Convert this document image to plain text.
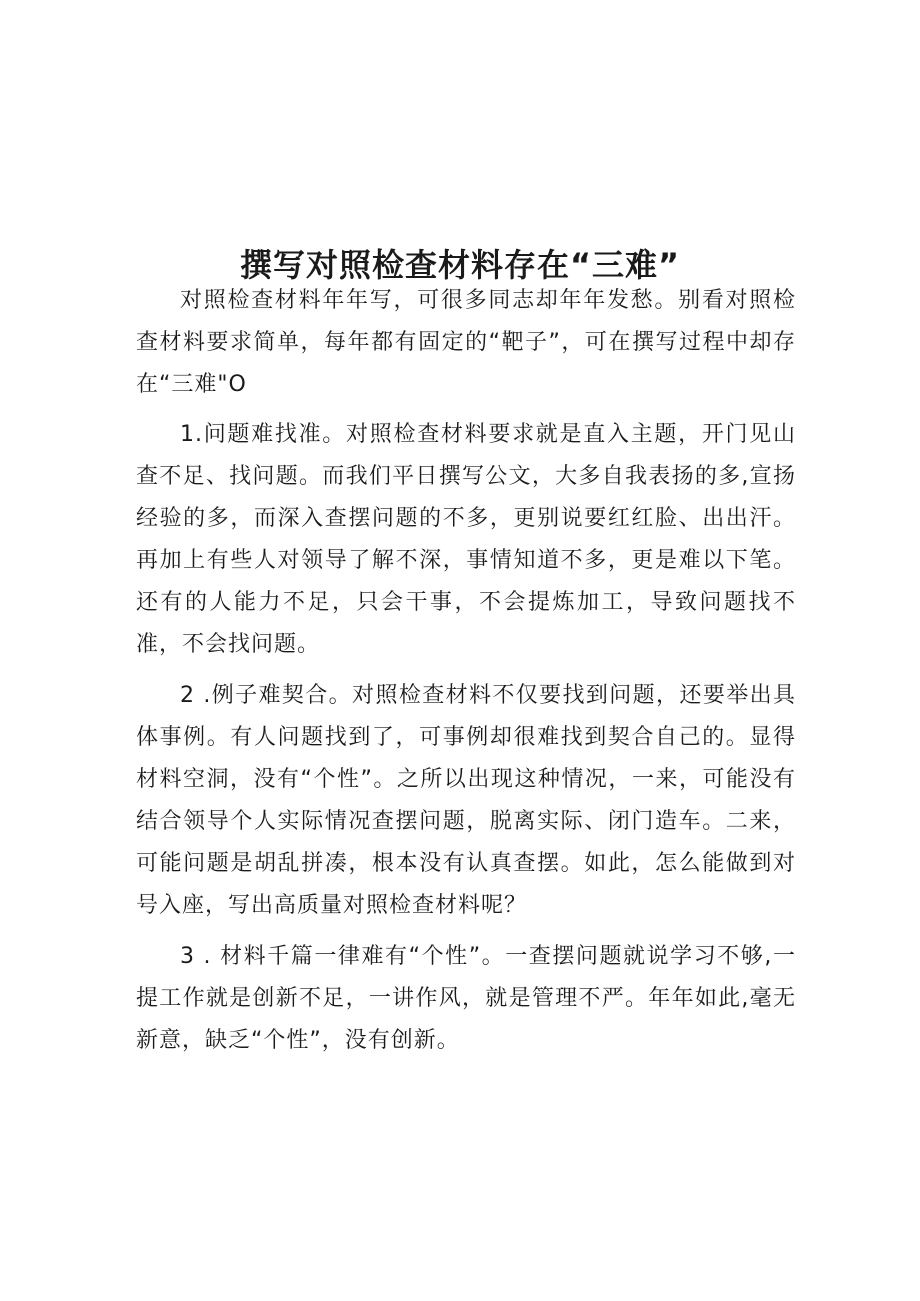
撰写对照检查材料存在“三难”

对照检查材料年年写，可很多同志却年年发愁。别看对照检查材料要求简单，每年都有固定的“靶子”，可在撰写过程中却存在“三难"O

1.问题难找准。对照检查材料要求就是直入主题，开门见山查不足、找问题。而我们平日撰写公文，大多自我表扬的多,宣扬经验的多，而深入查摆问题的不多，更别说要红红脸、出出汗。再加上有些人对领导了解不深，事情知道不多，更是难以下笔。还有的人能力不足，只会干事，不会提炼加工，导致问题找不准，不会找问题。

2 .例子难契合。对照检查材料不仅要找到问题，还要举出具体事例。有人问题找到了，可事例却很难找到契合自己的。显得材料空洞，没有“个性”。之所以出现这种情况，一来，可能没有结合领导个人实际情况查摆问题，脱离实际、闭门造车。二来，可能问题是胡乱拼凑，根本没有认真查摆。如此，怎么能做到对号入座，写出高质量对照检查材料呢？

3 . 材料千篇一律难有“个性”。一查摆问题就说学习不够,一提工作就是创新不足，一讲作风，就是管理不严。年年如此,毫无新意，缺乏“个性”，没有创新。
